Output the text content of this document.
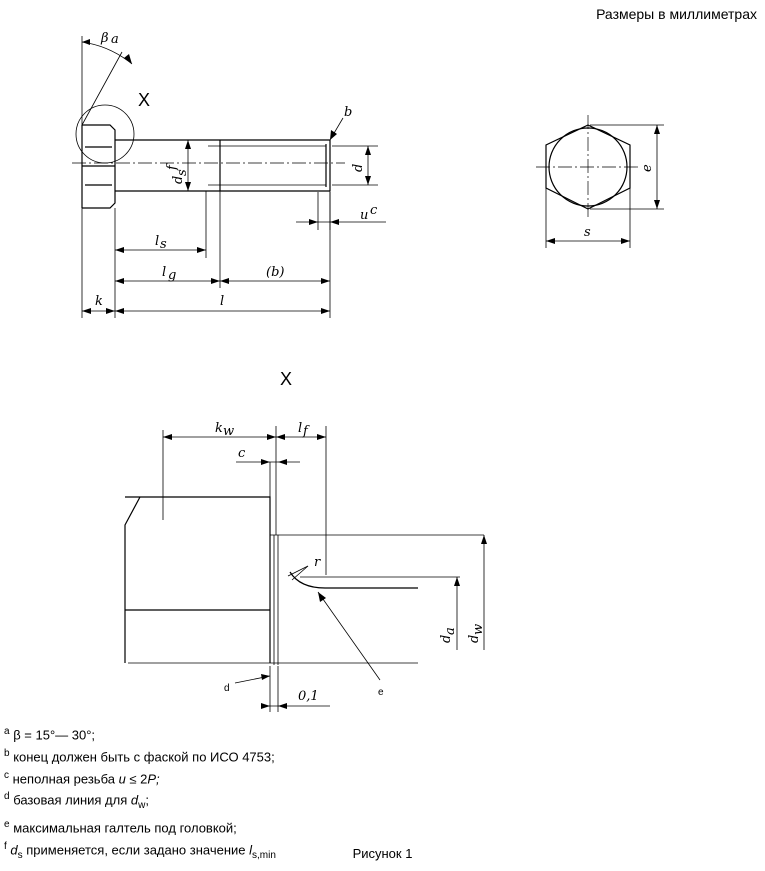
Размеры в миллиметрах
X
X
β a
b
d
s
f	d
u c
l s
l g	(b)
k	l
e
s
k w	l f
c
r
d
a
d
w
d	e
0,1
$^a$ β = 15°— 30°;
$^b$ конец должен быть с фаской по ИСО 4753;
$^c$ неполная резьба u ≤ 2P;
$^d$ базовая линия для $d_w$;
$^e$ максимальная галтель под головкой;
$^f$ $d_s$ применяется, если задано значение $l_{s,min}$	Рисунок 1
